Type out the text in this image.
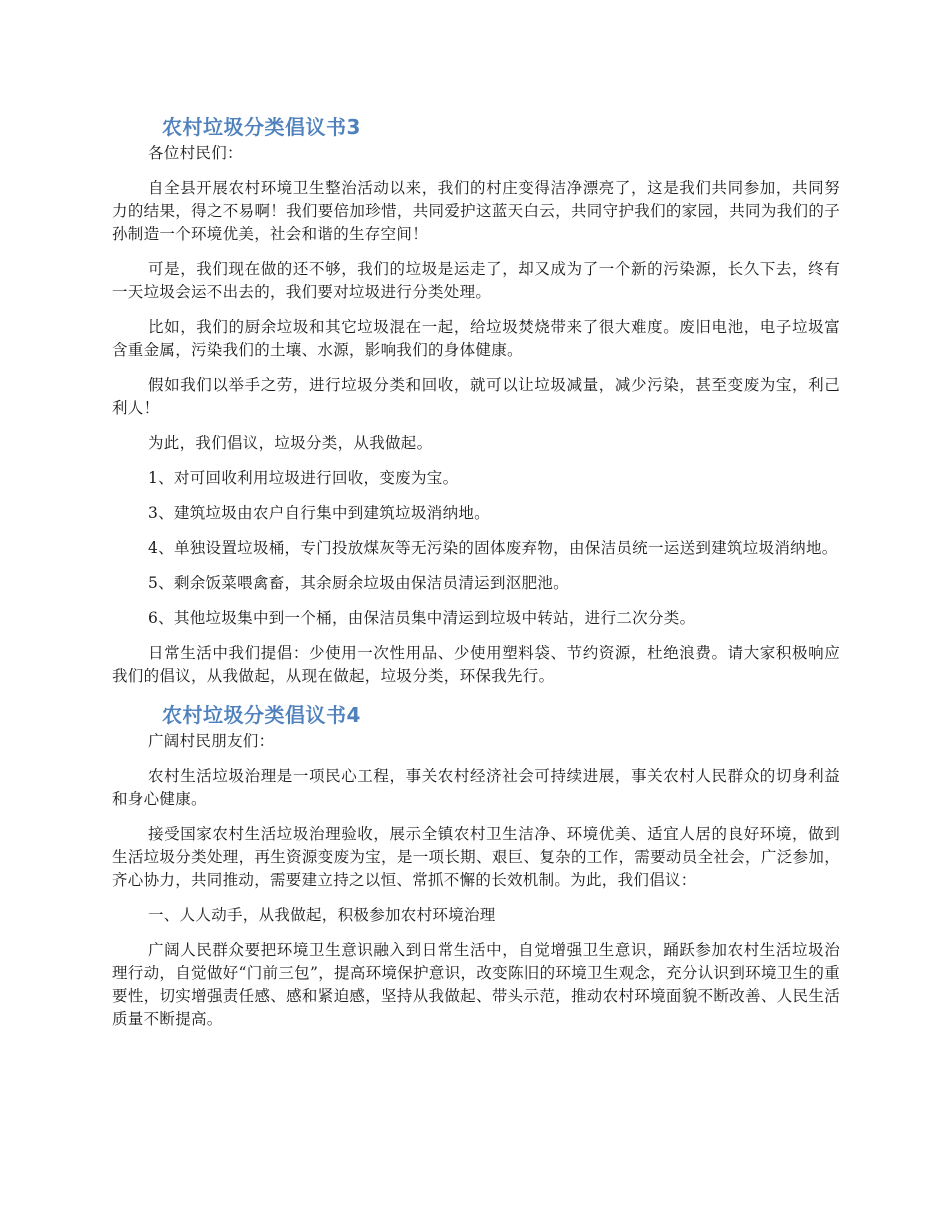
农村垃圾分类倡议书3

各位村民们：

自全县开展农村环境卫生整治活动以来，我们的村庄变得洁净漂亮了，这是我们共同参加，共同努力的结果，得之不易啊！我们要倍加珍惜，共同爱护这蓝天白云，共同守护我们的家园，共同为我们的子孙制造一个环境优美，社会和谐的生存空间！

可是，我们现在做的还不够，我们的垃圾是运走了，却又成为了一个新的污染源，长久下去，终有一天垃圾会运不出去的，我们要对垃圾进行分类处理。

比如，我们的厨余垃圾和其它垃圾混在一起，给垃圾焚烧带来了很大难度。废旧电池，电子垃圾富含重金属，污染我们的土壤、水源，影响我们的身体健康。

假如我们以举手之劳，进行垃圾分类和回收，就可以让垃圾减量，减少污染，甚至变废为宝，利己利人！

为此，我们倡议，垃圾分类，从我做起。

1、对可回收利用垃圾进行回收，变废为宝。

3、建筑垃圾由农户自行集中到建筑垃圾消纳地。

4、单独设置垃圾桶，专门投放煤灰等无污染的固体废弃物，由保洁员统一运送到建筑垃圾消纳地。

5、剩余饭菜喂禽畜，其余厨余垃圾由保洁员清运到沤肥池。

6、其他垃圾集中到一个桶，由保洁员集中清运到垃圾中转站，进行二次分类。

日常生活中我们提倡：少使用一次性用品、少使用塑料袋、节约资源，杜绝浪费。请大家积极响应我们的倡议，从我做起，从现在做起，垃圾分类，环保我先行。

农村垃圾分类倡议书4

广阔村民朋友们：

农村生活垃圾治理是一项民心工程，事关农村经济社会可持续进展，事关农村人民群众的切身利益和身心健康。

接受国家农村生活垃圾治理验收，展示全镇农村卫生洁净、环境优美、适宜人居的良好环境，做到生活垃圾分类处理，再生资源变废为宝，是一项长期、艰巨、复杂的工作，需要动员全社会，广泛参加，齐心协力，共同推动，需要建立持之以恒、常抓不懈的长效机制。为此，我们倡议：

一、人人动手，从我做起，积极参加农村环境治理

广阔人民群众要把环境卫生意识融入到日常生活中，自觉增强卫生意识，踊跃参加农村生活垃圾治理行动，自觉做好“门前三包”，提高环境保护意识，改变陈旧的环境卫生观念，充分认识到环境卫生的重要性，切实增强责任感、感和紧迫感，坚持从我做起、带头示范，推动农村环境面貌不断改善、人民生活质量不断提高。
